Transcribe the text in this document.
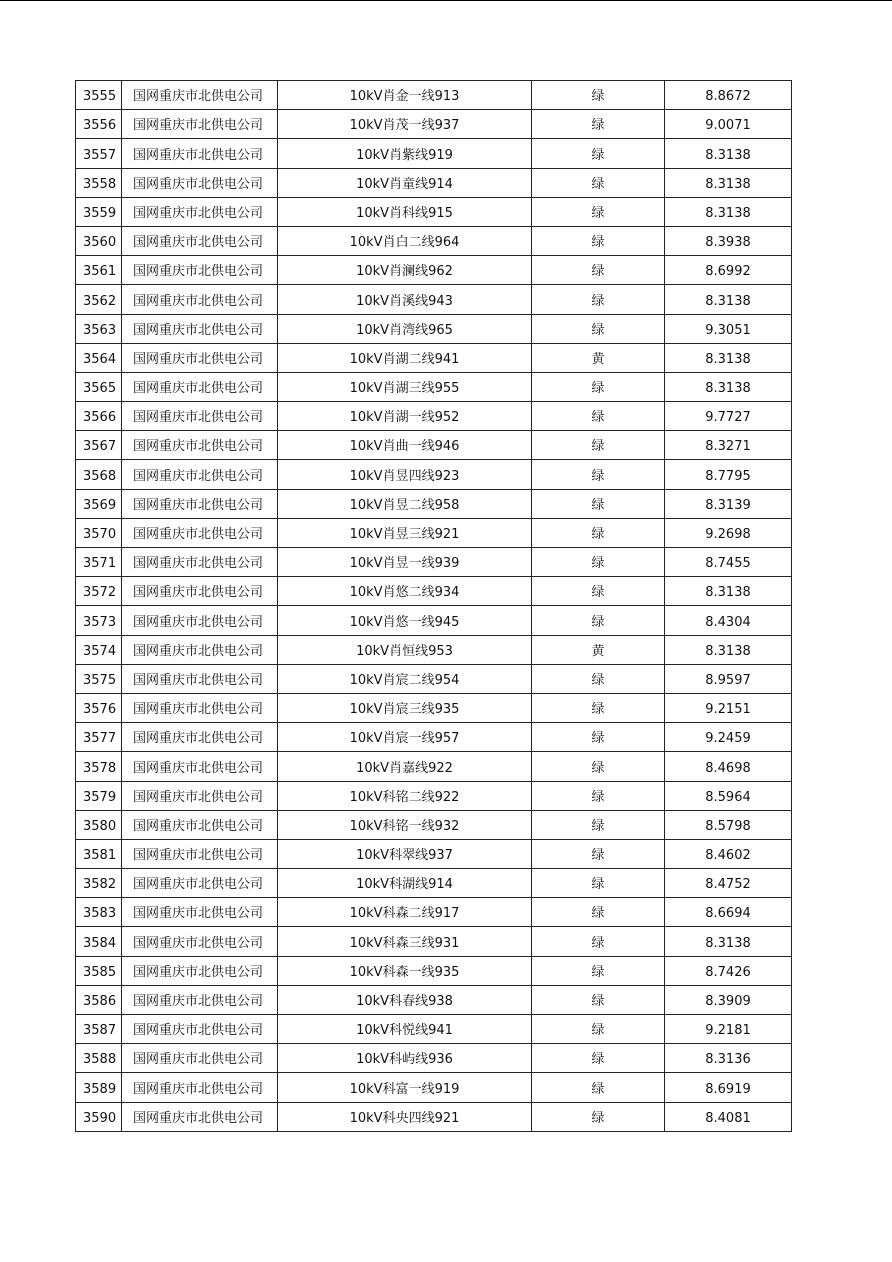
3555	国网重庆市北供电公司	10kV肖金一线913	绿	8.8672
3556	国网重庆市北供电公司	10kV肖茂一线937	绿	9.0071
3557	国网重庆市北供电公司	10kV肖紫线919	绿	8.3138
3558	国网重庆市北供电公司	10kV肖童线914	绿	8.3138
3559	国网重庆市北供电公司	10kV肖科线915	绿	8.3138
3560	国网重庆市北供电公司	10kV肖白二线964	绿	8.3938
3561	国网重庆市北供电公司	10kV肖澜线962	绿	8.6992
3562	国网重庆市北供电公司	10kV肖溪线943	绿	8.3138
3563	国网重庆市北供电公司	10kV肖湾线965	绿	9.3051
3564	国网重庆市北供电公司	10kV肖湖二线941	黄	8.3138
3565	国网重庆市北供电公司	10kV肖湖三线955	绿	8.3138
3566	国网重庆市北供电公司	10kV肖湖一线952	绿	9.7727
3567	国网重庆市北供电公司	10kV肖曲一线946	绿	8.3271
3568	国网重庆市北供电公司	10kV肖昱四线923	绿	8.7795
3569	国网重庆市北供电公司	10kV肖昱二线958	绿	8.3139
3570	国网重庆市北供电公司	10kV肖昱三线921	绿	9.2698
3571	国网重庆市北供电公司	10kV肖昱一线939	绿	8.7455
3572	国网重庆市北供电公司	10kV肖悠二线934	绿	8.3138
3573	国网重庆市北供电公司	10kV肖悠一线945	绿	8.4304
3574	国网重庆市北供电公司	10kV肖恒线953	黄	8.3138
3575	国网重庆市北供电公司	10kV肖宸二线954	绿	8.9597
3576	国网重庆市北供电公司	10kV肖宸三线935	绿	9.2151
3577	国网重庆市北供电公司	10kV肖宸一线957	绿	9.2459
3578	国网重庆市北供电公司	10kV肖嘉线922	绿	8.4698
3579	国网重庆市北供电公司	10kV科铭二线922	绿	8.5964
3580	国网重庆市北供电公司	10kV科铭一线932	绿	8.5798
3581	国网重庆市北供电公司	10kV科翠线937	绿	8.4602
3582	国网重庆市北供电公司	10kV科湖线914	绿	8.4752
3583	国网重庆市北供电公司	10kV科森二线917	绿	8.6694
3584	国网重庆市北供电公司	10kV科森三线931	绿	8.3138
3585	国网重庆市北供电公司	10kV科森一线935	绿	8.7426
3586	国网重庆市北供电公司	10kV科春线938	绿	8.3909
3587	国网重庆市北供电公司	10kV科悦线941	绿	9.2181
3588	国网重庆市北供电公司	10kV科屿线936	绿	8.3136
3589	国网重庆市北供电公司	10kV科富一线919	绿	8.6919
3590	国网重庆市北供电公司	10kV科央四线921	绿	8.4081
